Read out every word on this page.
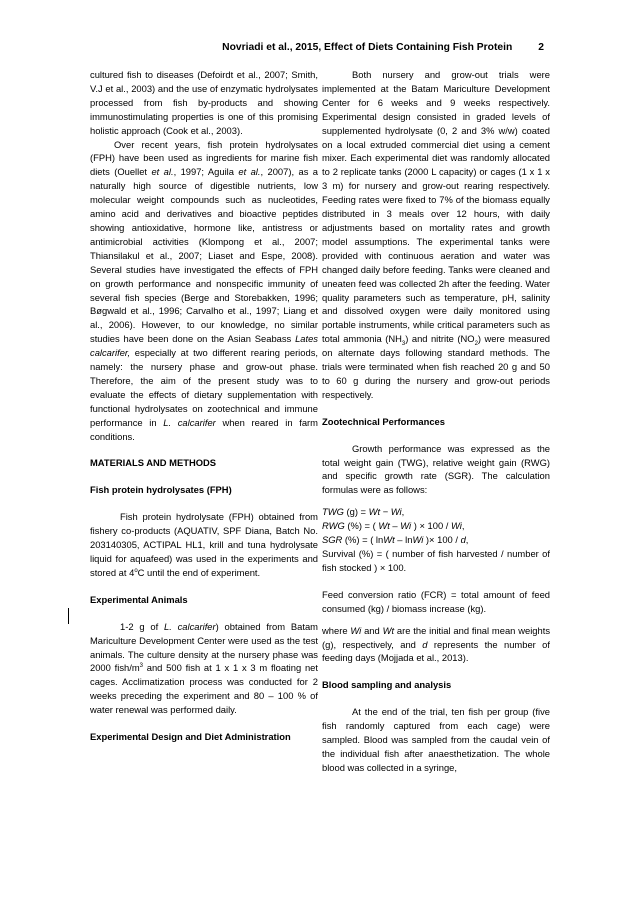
Novriadi et al., 2015, Effect of Diets Containing Fish Protein	2

cultured fish to diseases (Defoirdt et al., 2007; Smith, V.J et al., 2003) and the use of enzymatic hydrolysates processed from fish by-products and showing immunostimulating properties is one of this promising holistic approach (Cook et al., 2003).

Over recent years, fish protein hydrolysates (FPH) have been used as ingredients for marine fish diets (Ouellet et al., 1997; Aguila et al., 2007), as a naturally high source of digestible nutrients, low molecular weight compounds such as nucleotides, amino acid and derivatives and bioactive peptides showing antioxidative, hormone like, antistress or antimicrobial activities (Klompong et al., 2007; Thiansilakul et al., 2007; Liaset and Espe, 2008). Several studies have investigated the effects of FPH on growth performance and nonspecific immunity of several fish species (Berge and Storebakken, 1996; Bøgwald et al., 1996; Carvalho et al., 1997; Liang et al., 2006). However, to our knowledge, no similar studies have been done on the Asian Seabass Lates calcarifer, especially at two different rearing periods, namely: the nursery phase and grow-out phase. Therefore, the aim of the present study was to evaluate the effects of dietary supplementation with functional hydrolysates on zootechnical and immune performance in L. calcarifer when reared in farm conditions.

MATERIALS AND METHODS
Fish protein hydrolysates (FPH)

Fish protein hydrolysate (FPH) obtained from fishery co-products (AQUATIV, SPF Diana, Batch No. 203140305, ACTIPAL HL1, krill and tuna hydrolysate liquid for aquafeed) was used in the experiments and stored at 4$^o$C until the end of experiment.

Experimental Animals

1-2 g of L. calcarifer) obtained from Batam Mariculture Development Center were used as the test animals. The culture density at the nursery phase was 2000 fish/$m^3$ and 500 fish at 1 x 1 x 3 m floating net cages. Acclimatization process was conducted for 2 weeks preceding the experiment and 80 – 100 % of water renewal was performed daily.

Experimental Design and Diet Administration

Both nursery and grow-out trials were implemented at the Batam Mariculture Development Center for 6 weeks and 9 weeks respectively. Experimental design consisted in graded levels of supplemented hydrolysate (0, 2 and 3% w/w) coated on a local extruded commercial diet using a cement mixer. Each experimental diet was randomly allocated to 2 replicate tanks (2000 L capacity) or cages (1 x 1 x 3 m) for nursery and grow-out rearing respectively. Feeding rates were fixed to 7% of the biomass equally distributed in 3 meals over 12 hours, with daily adjustments based on mortality rates and growth model assumptions. The experimental tanks were provided with continuous aeration and water was changed daily before feeding. Tanks were cleaned and uneaten feed was collected 2h after the feeding. Water quality parameters such as temperature, pH, salinity and dissolved oxygen were daily monitored using portable instruments, while critical parameters such as total ammonia $(NH_3)$ and nitrite $(NO_2)$ were measured on alternate days following standard methods. The trials were terminated when fish reached 20 g and 50 to 60 g during the nursery and grow-out periods respectively.

Zootechnical Performances

Growth performance was expressed as the total weight gain (TWG), relative weight gain (RWG) and specific growth rate (SGR). The calculation formulas were as follows:

TWG (g) = Wt − Wi,

RWG (%) = ( Wt – Wi ) × 100 / Wi,

SGR (%) = ( lnWt – lnWi )× 100 / d,

Survival (%) = ( number of fish harvested / number of fish stocked ) × 100.

Feed conversion ratio (FCR) = total amount of feed consumed (kg) / biomass increase (kg).

where Wi and Wt are the initial and final mean weights (g), respectively, and d represents the number of feeding days (Mojjada et al., 2013).

Blood sampling and analysis

At the end of the trial, ten fish per group (five fish randomly captured from each cage) were sampled. Blood was sampled from the caudal vein of the individual fish after anaesthetization. The whole blood was collected in a syringe,
